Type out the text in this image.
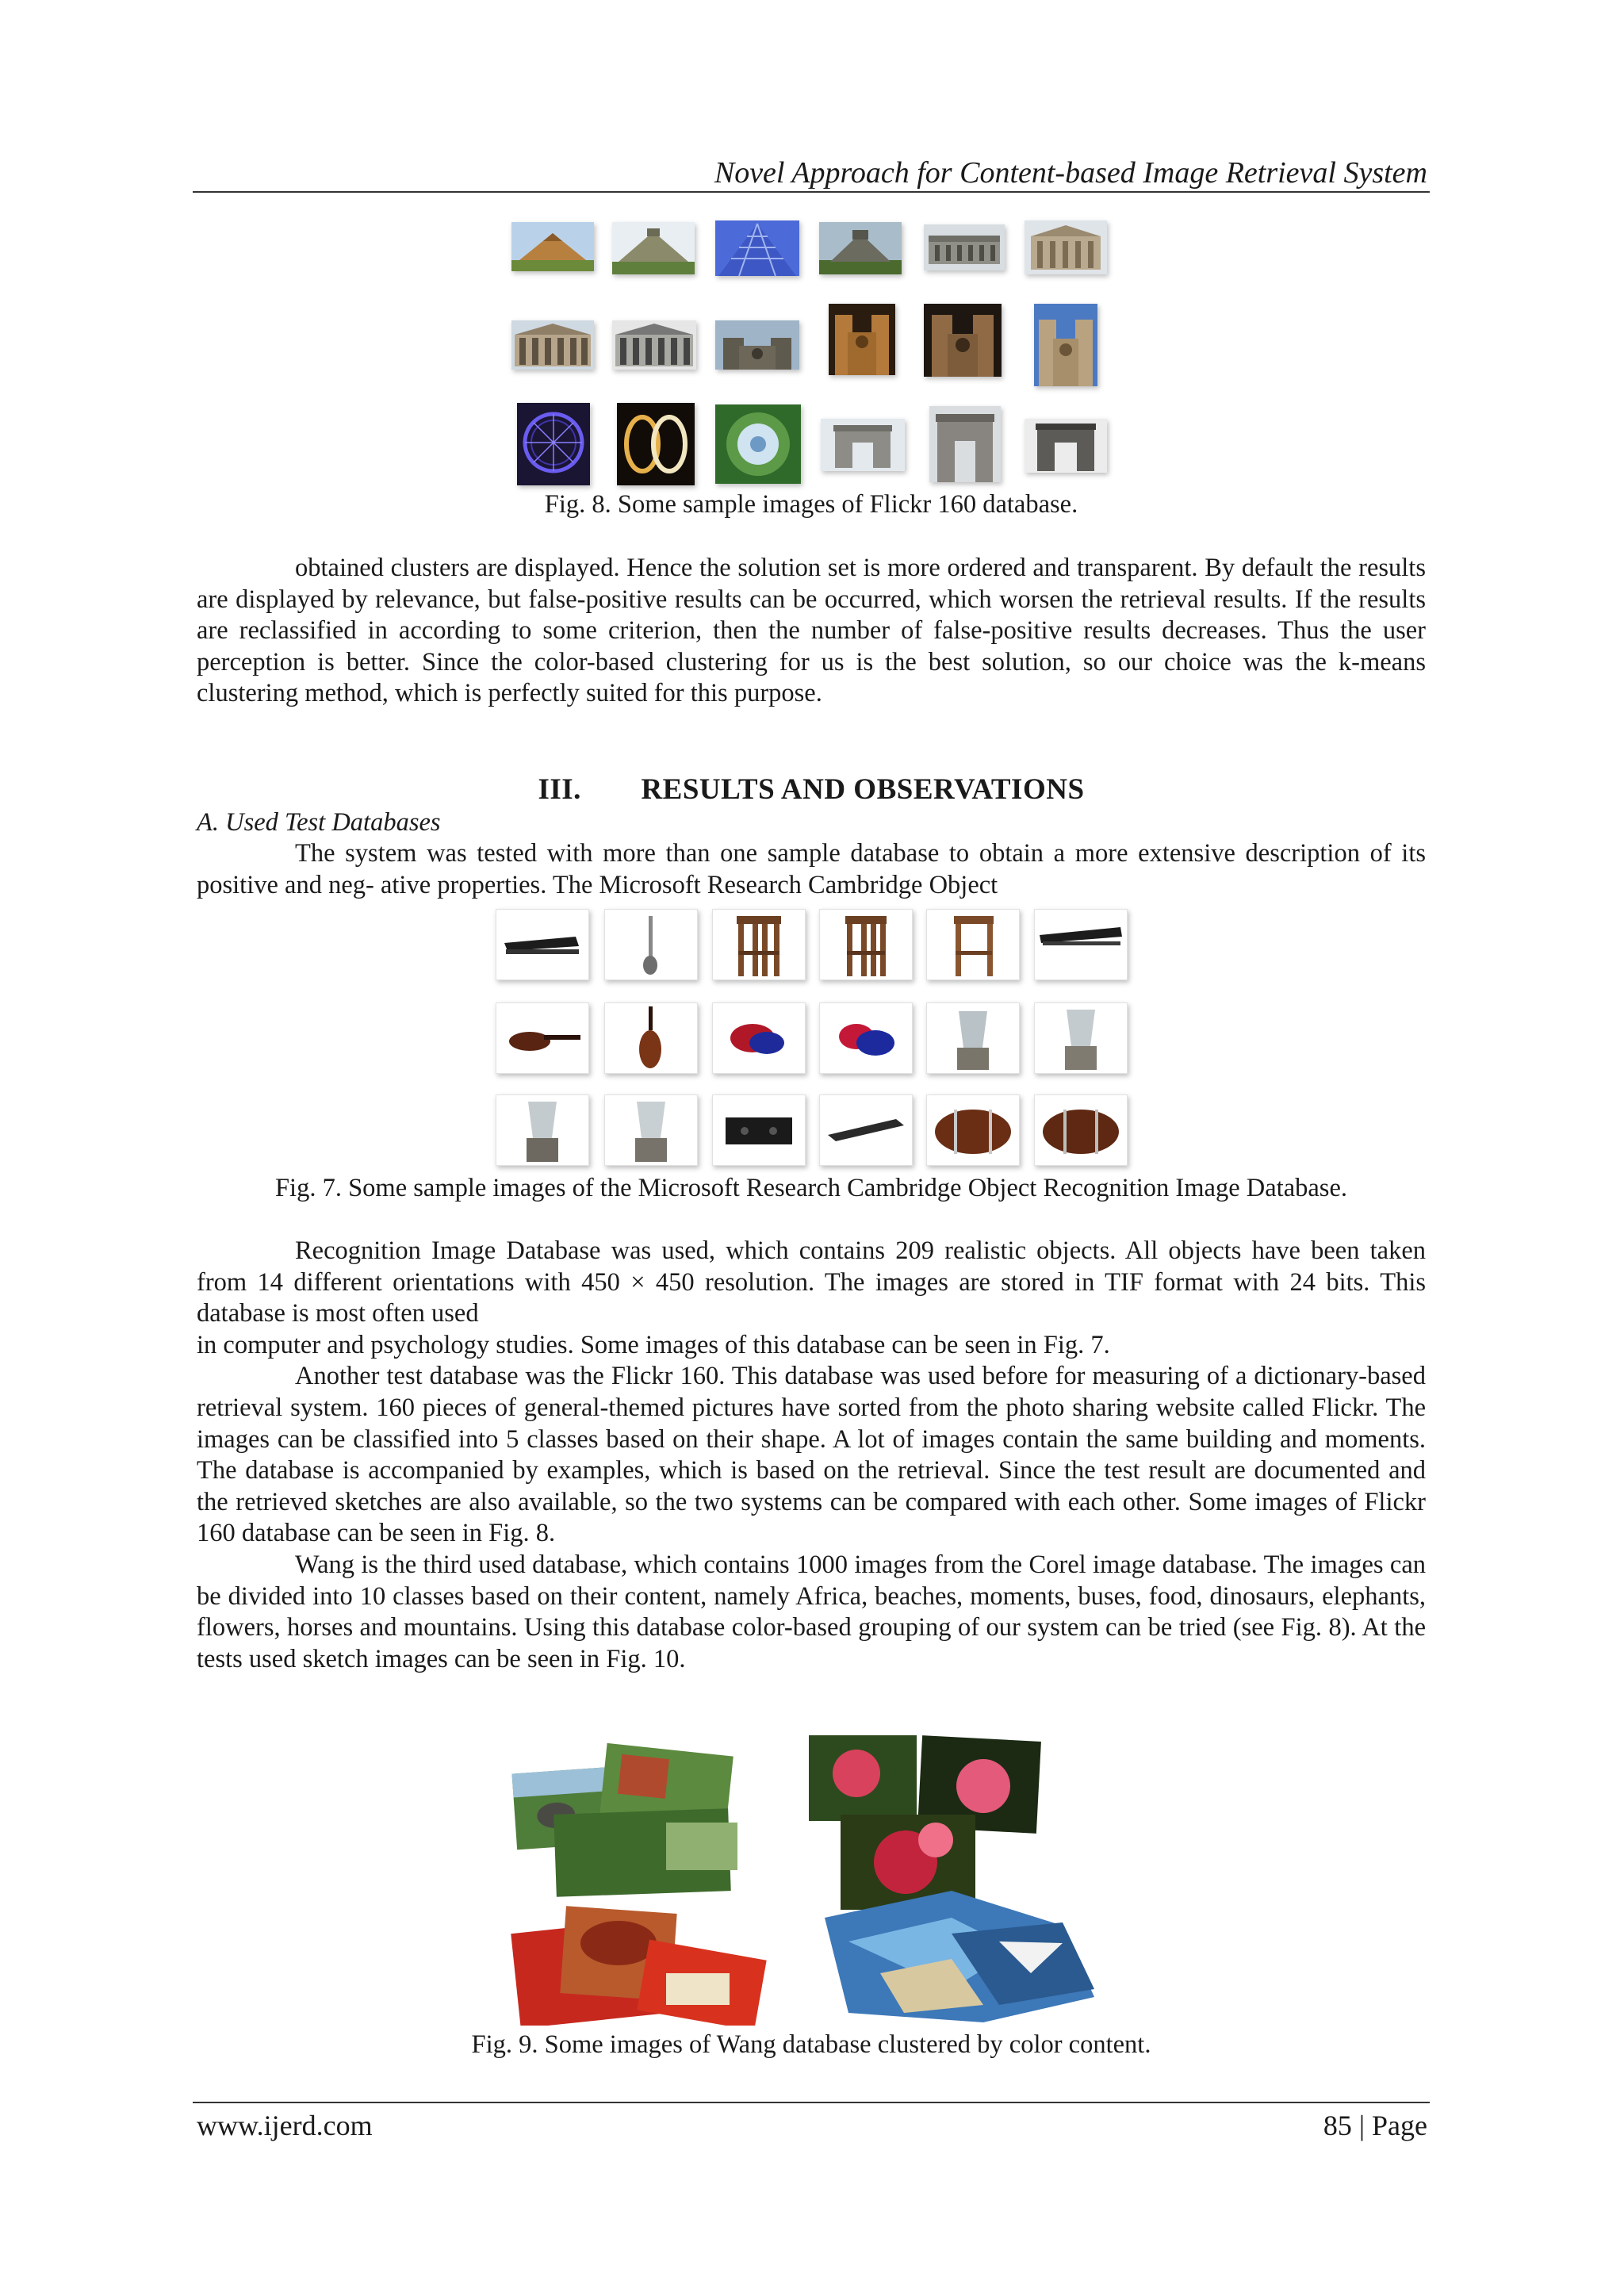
Novel Approach for Content-based Image Retrieval System
Fig. 8. Some sample images of Flickr 160 database.

obtained clusters are displayed. Hence the solution set is more ordered and transparent. By default the results are displayed by relevance, but false-positive results can be occurred, which worsen the retrieval results. If the results are reclassified in according to some criterion, then the number of false-positive results decreases. Thus the user perception is better. Since the color-based clustering for us is the best solution, so our choice was the k-means clustering method, which is perfectly suited for this purpose.

III. RESULTS AND OBSERVATIONS
A. Used Test Databases

The system was tested with more than one sample database to obtain a more extensive description of its positive and neg- ative properties. The Microsoft Research Cambridge Object

Fig. 7. Some sample images of the Microsoft Research Cambridge Object Recognition Image Database.

Recognition Image Database was used, which contains 209 realistic objects. All objects have been taken from 14 different orientations with 450 × 450 resolution. The images are stored in TIF format with 24 bits. This database is most often used

in computer and psychology studies. Some images of this database can be seen in Fig. 7.

Another test database was the Flickr 160. This database was used before for measuring of a dictionary-based retrieval system. 160 pieces of general-themed pictures have sorted from the photo sharing website called Flickr. The images can be classified into 5 classes based on their shape. A lot of images contain the same building and moments. The database is accompanied by examples, which is based on the retrieval. Since the test result are documented and the retrieved sketches are also available, so the two systems can be compared with each other. Some images of Flickr 160 database can be seen in Fig. 8.

Wang is the third used database, which contains 1000 images from the Corel image database. The images can be divided into 10 classes based on their content, namely Africa, beaches, moments, buses, food, dinosaurs, elephants, flowers, horses and mountains. Using this database color-based grouping of our system can be tried (see Fig. 8). At the tests used sketch images can be seen in Fig. 10.

Fig. 9. Some images of Wang database clustered by color content.
www.ijerd.com	85 | Page
